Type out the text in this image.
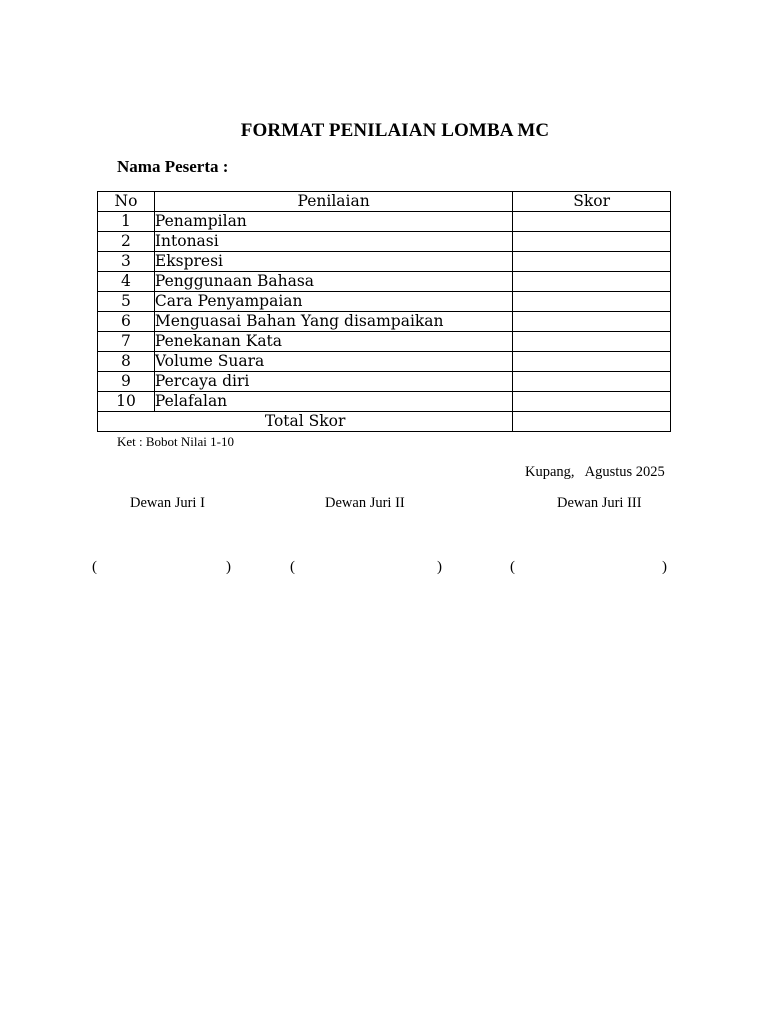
FORMAT PENILAIAN LOMBA MC
Nama Peserta :
No	Penilaian	Skor
1	Penampilan	
2	Intonasi	
3	Ekspresi	
4	Penggunaan Bahasa	
5	Cara Penyampaian	
6	Menguasai Bahan Yang disampaikan	
7	Penekanan Kata	
8	Volume Suara	
9	Percaya diri	
10	Pelafalan	
Total Skor		
Ket : Bobot Nilai 1-10
Kupang,   Agustus 2025
Dewan Juri I	Dewan Juri II	Dewan Juri III
(	)	(	)	(	)
